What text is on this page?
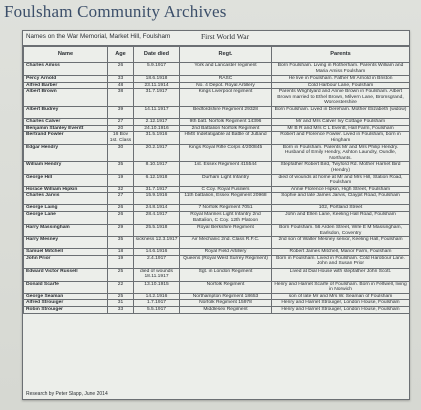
Foulsham Community Archives
Names on the War Memorial, Market Hill, Foulsham	First World War
Name	Age	Date died	Regt.	Parents
Charles Amiss	26	5.9.1917	York and Lancaster regiment	Born Foulsham. Living in Rotherham. Parents William and Maria Amiss Foulsham
Percy Arnold	33	18.6.1918	RASC	He live in Foulsham. Father Mr Arnold in Briston
Alfred Barber	48	23.11.1914	No. 4 Depot. Royal Artillery	Cold Harbour Lane, Foulsham
Albert Brown	38	31.7.1917	Kings Liverpool regiment	Parents Wrightyard and Annie Brown in Foulsham. Albert Brown married to Ethel Brown, Milvern Lane, Bromsgrand, Worcestershire
Albert Budrey	39	14.11.1917	Bedfordshire Regiment 29328	Born Foulsham. Lived in Dereham. Mother Elizabeth (widow)
Charles Calver	27	2.12.1917	9th batt. Norfolk Regiment 14396	Mr and Mrs Calver Ivy Cottage Foulsham
Benjamin Stanley Everitt	20	24.10.1916	2nd Battalion Norfolk Regiment	Mr B R and Mrs C L Everitt, Hall Farm, Foulsham
Bertrand Fowler	16 Bov 1st. Class	31.5.1916	HMS Indefatigable at Battle of Jutland	Robert and Florence Fowler. Lived in Foulsham, born in Hingham
Edgar Hendry	30	20.2.1917	Kings Royal Rifle Corps 4/200845	Born in Foulsham. Parents Mr and Mrs Philip Hendry. Husband of Emily Hendry, Ashton Laundry, Oundle, Northants.
William Hendry	35	8.10.1917	1st. Essex Regiment 415544	Stepfather Robert Bird, Twyford Rd. Mother Harriet Bird (Hendry)
George Hill	19	6.12.1918	Durham Light Infantry	died of wounds at home at Mr and Mrs Hill, Station Road, Foulsham
Horace William Hipkin	32	31.7.1917	C Coy. Royal Fusiliers	Annie Florence Hipkin, High Street, Foulsham
Charles Jarvis	27	15.9.1916	11th battalion, Essex Regiment 20968	Sophie and late James Jarvis, Claypit Road, Foulsham
George Laing	26	24.8.1914	7 Norfolk Regiment 7051	102, Portland Street
George Lane	26	28.4.1917	Royal Marines Light Infantry 2nd Battalion, C Coy. 12th Platoon	John and Ellen Lane, Keeling Hall Road, Foulsham
Harry Massingham	29	25.5.1918	Royal Berkshire Regiment	Born Foulsham. 56 Arden Street, Wife E M Massingham, Earlsdon, Coventry
Harry Mesney	35	sickness 12.3.1917	Air Mechanic 2nd. Class R.F.C.	2nd son of Walter Mesney senior, Keeling Hall, Foulsham
Samuel Mitchell	18	14.6.1916	Royal Field Artillery	Robert James Mitchell, Manor Farm, Foulsham
John Prior	19	2.4.1917	Queens (Royal West Surrey Regiment)	Born in Foulsham. Lived in Foulsham. Cold Harobour Lane. John and Susan Prior
Edward Victor Russell	25	died of wounds 18.11.1917	Sgt. in London Regiment	Lived at Dial House with stepfather John Scott.
Donald Scarfe	22	13.10.1915	Norfolk Regiment	Henry and Harriet Scarfe of Foulsham. Born in Feltwell, living in Norwich
George Seaman	25	14.2.1916	Northampton Regiment 18653	son of late Mr and Mrs W. Seaman of Foulsham
Alfred Strouiger	31	1.7.1917	Norfolk Regiment 15978	Henry and Harriet Strouiger, London House, Foulsham
Robin Strouiger	33	5.5.1917	Middlesex Regiment	Henry and Harriet Strouiger, London House, Foulsham
Research by Peter Slapp, June 2014
